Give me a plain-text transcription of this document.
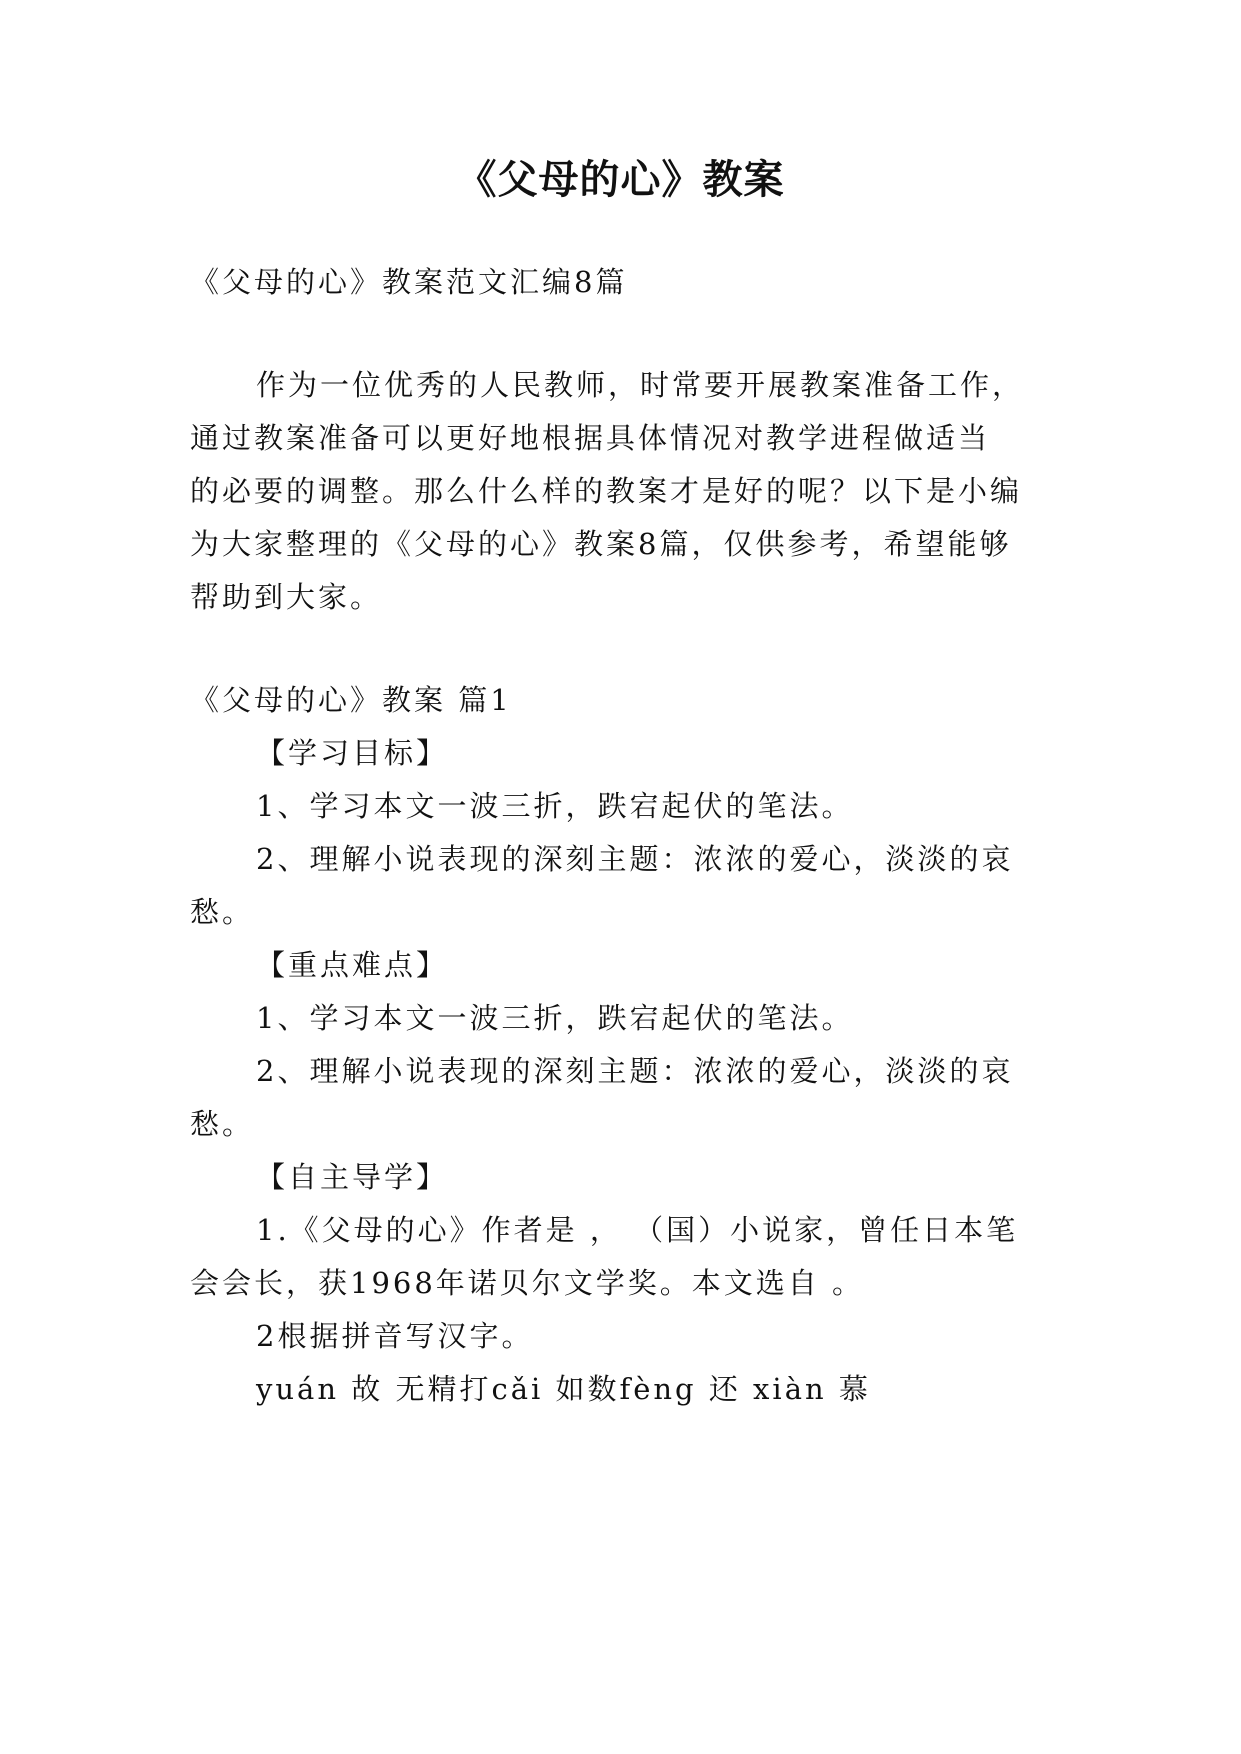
《父母的心》教案
《父母的心》教案范文汇编8篇
作为一位优秀的人民教师，时常要开展教案准备工作，
通过教案准备可以更好地根据具体情况对教学进程做适当
的必要的调整。那么什么样的教案才是好的呢？以下是小编
为大家整理的《父母的心》教案8篇，仅供参考，希望能够
帮助到大家。
《父母的心》教案 篇1
【学习目标】
1、学习本文一波三折，跌宕起伏的笔法。
2、理解小说表现的深刻主题：浓浓的爱心，淡淡的哀
愁。
【重点难点】
1、学习本文一波三折，跌宕起伏的笔法。
2、理解小说表现的深刻主题：浓浓的爱心，淡淡的哀
愁。
【自主导学】
1.《父母的心》作者是 ， （国）小说家，曾任日本笔
会会长，获1968年诺贝尔文学奖。本文选自 。
2根据拼音写汉字。
yuán 故 无精打cǎi 如数fèng 还 xiàn 慕
